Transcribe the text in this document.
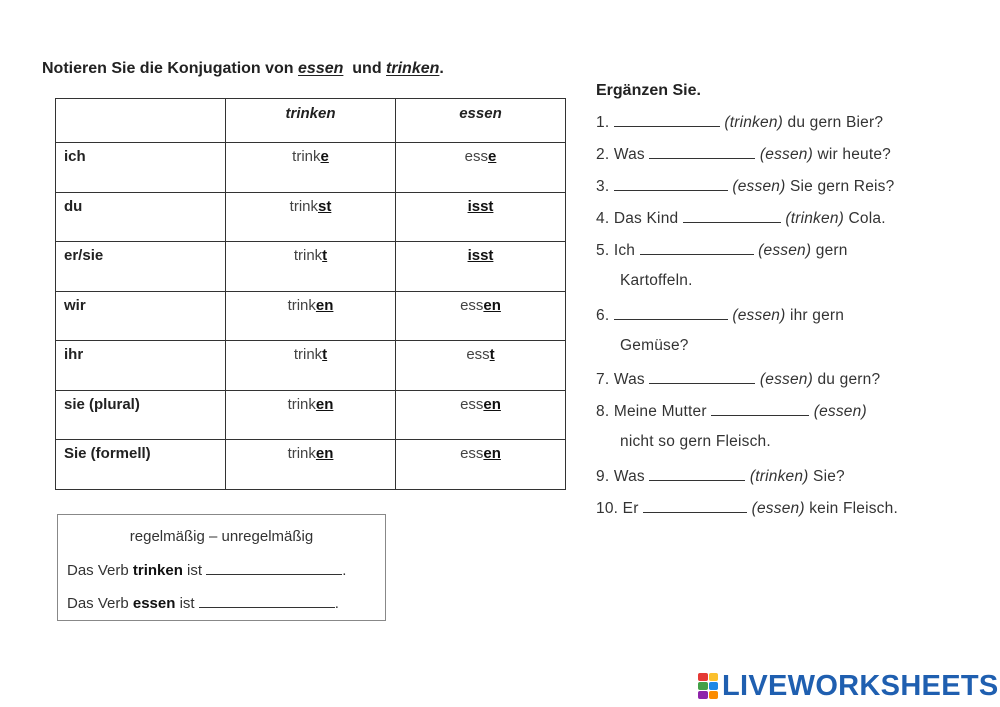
Notieren Sie die Konjugation von essen  und trinken.
	trinken	essen
ich	trinke	esse
du	trinkst	isst
er/sie	trinkt	isst
wir	trinken	essen
ihr	trinkt	esst
sie (plural)	trinken	essen
Sie (formell)	trinken	essen
regelmäßig – unregelmäßig
Das Verb trinken ist	.
Das Verb essen ist	.
Ergänzen Sie.
1.	(trinken) du gern Bier?
2. Was	(essen) wir heute?
3.	(essen) Sie gern Reis?
4. Das Kind	(trinken) Cola.
5. Ich	(essen) gern
Kartoffeln.
6.	(essen) ihr gern
Gemüse?
7. Was	(essen) du gern?
8. Meine Mutter	(essen)
nicht so gern Fleisch.
9. Was	(trinken) Sie?
10. Er	(essen) kein Fleisch.
LIVEWORKSHEETS
